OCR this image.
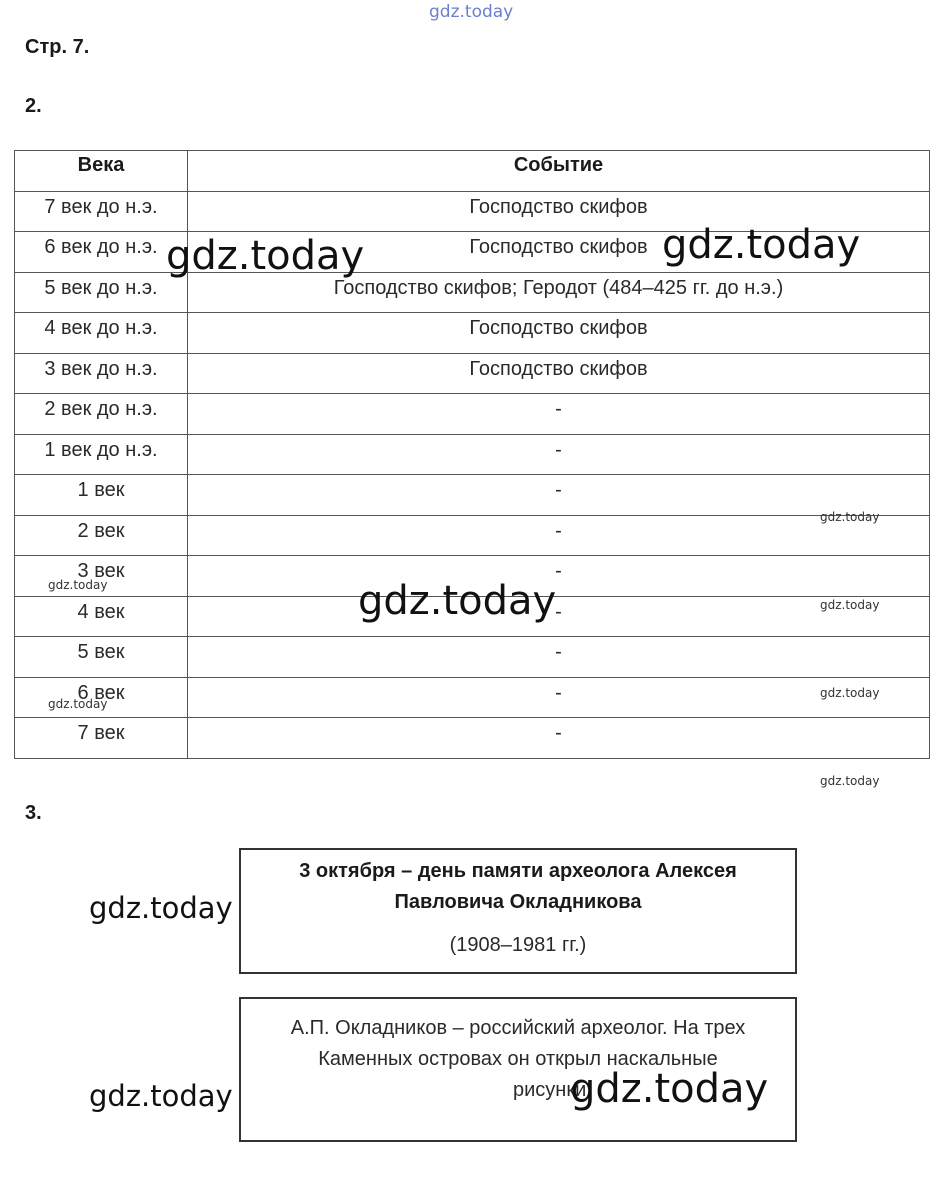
gdz.today
Стр. 7.
2.
Века	Событие
7 век до н.э.	Господство скифов
6 век до н.э.	Господство скифов
5 век до н.э.	Господство скифов; Геродот (484–425 гг. до н.э.)
4 век до н.э.	Господство скифов
3 век до н.э.	Господство скифов
2 век до н.э.	-
1 век до н.э.	-
1 век	-
2 век	-
3 век	-
4 век	-
5 век	-
6 век	-
7 век	-
3.
3 октября – день памяти археолога Алексея
Павловича Окладникова
(1908–1981 гг.)
А.П. Окладников – российский археолог. На трех
Каменных островах он открыл наскальные
рисунки.
gdz.today	gdz.today
gdz.today
gdz.today
gdz.today	gdz.today
gdz.today
gdz.today
gdz.today
gdz.today
gdz.today
gdz.today
